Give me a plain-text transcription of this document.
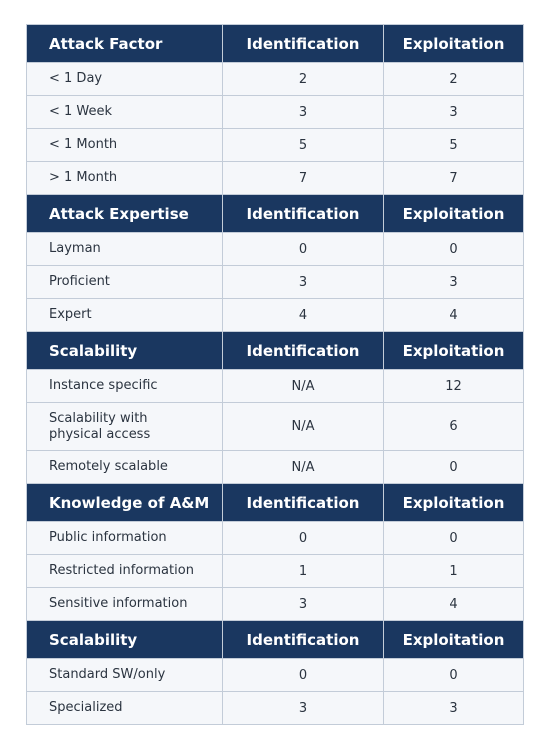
Attack Factor	Identification	Exploitation
< 1 Day	2	2
< 1 Week	3	3
< 1 Month	5	5
> 1 Month	7	7
Attack Expertise	Identification	Exploitation
Layman	0	0
Proficient	3	3
Expert	4	4
Scalability	Identification	Exploitation
Instance specific	N/A	12
Scalability with physical access	N/A	6
Remotely scalable	N/A	0
Knowledge of A&M	Identification	Exploitation
Public information	0	0
Restricted information	1	1
Sensitive information	3	4
Scalability	Identification	Exploitation
Standard SW/only	0	0
Specialized	3	3
